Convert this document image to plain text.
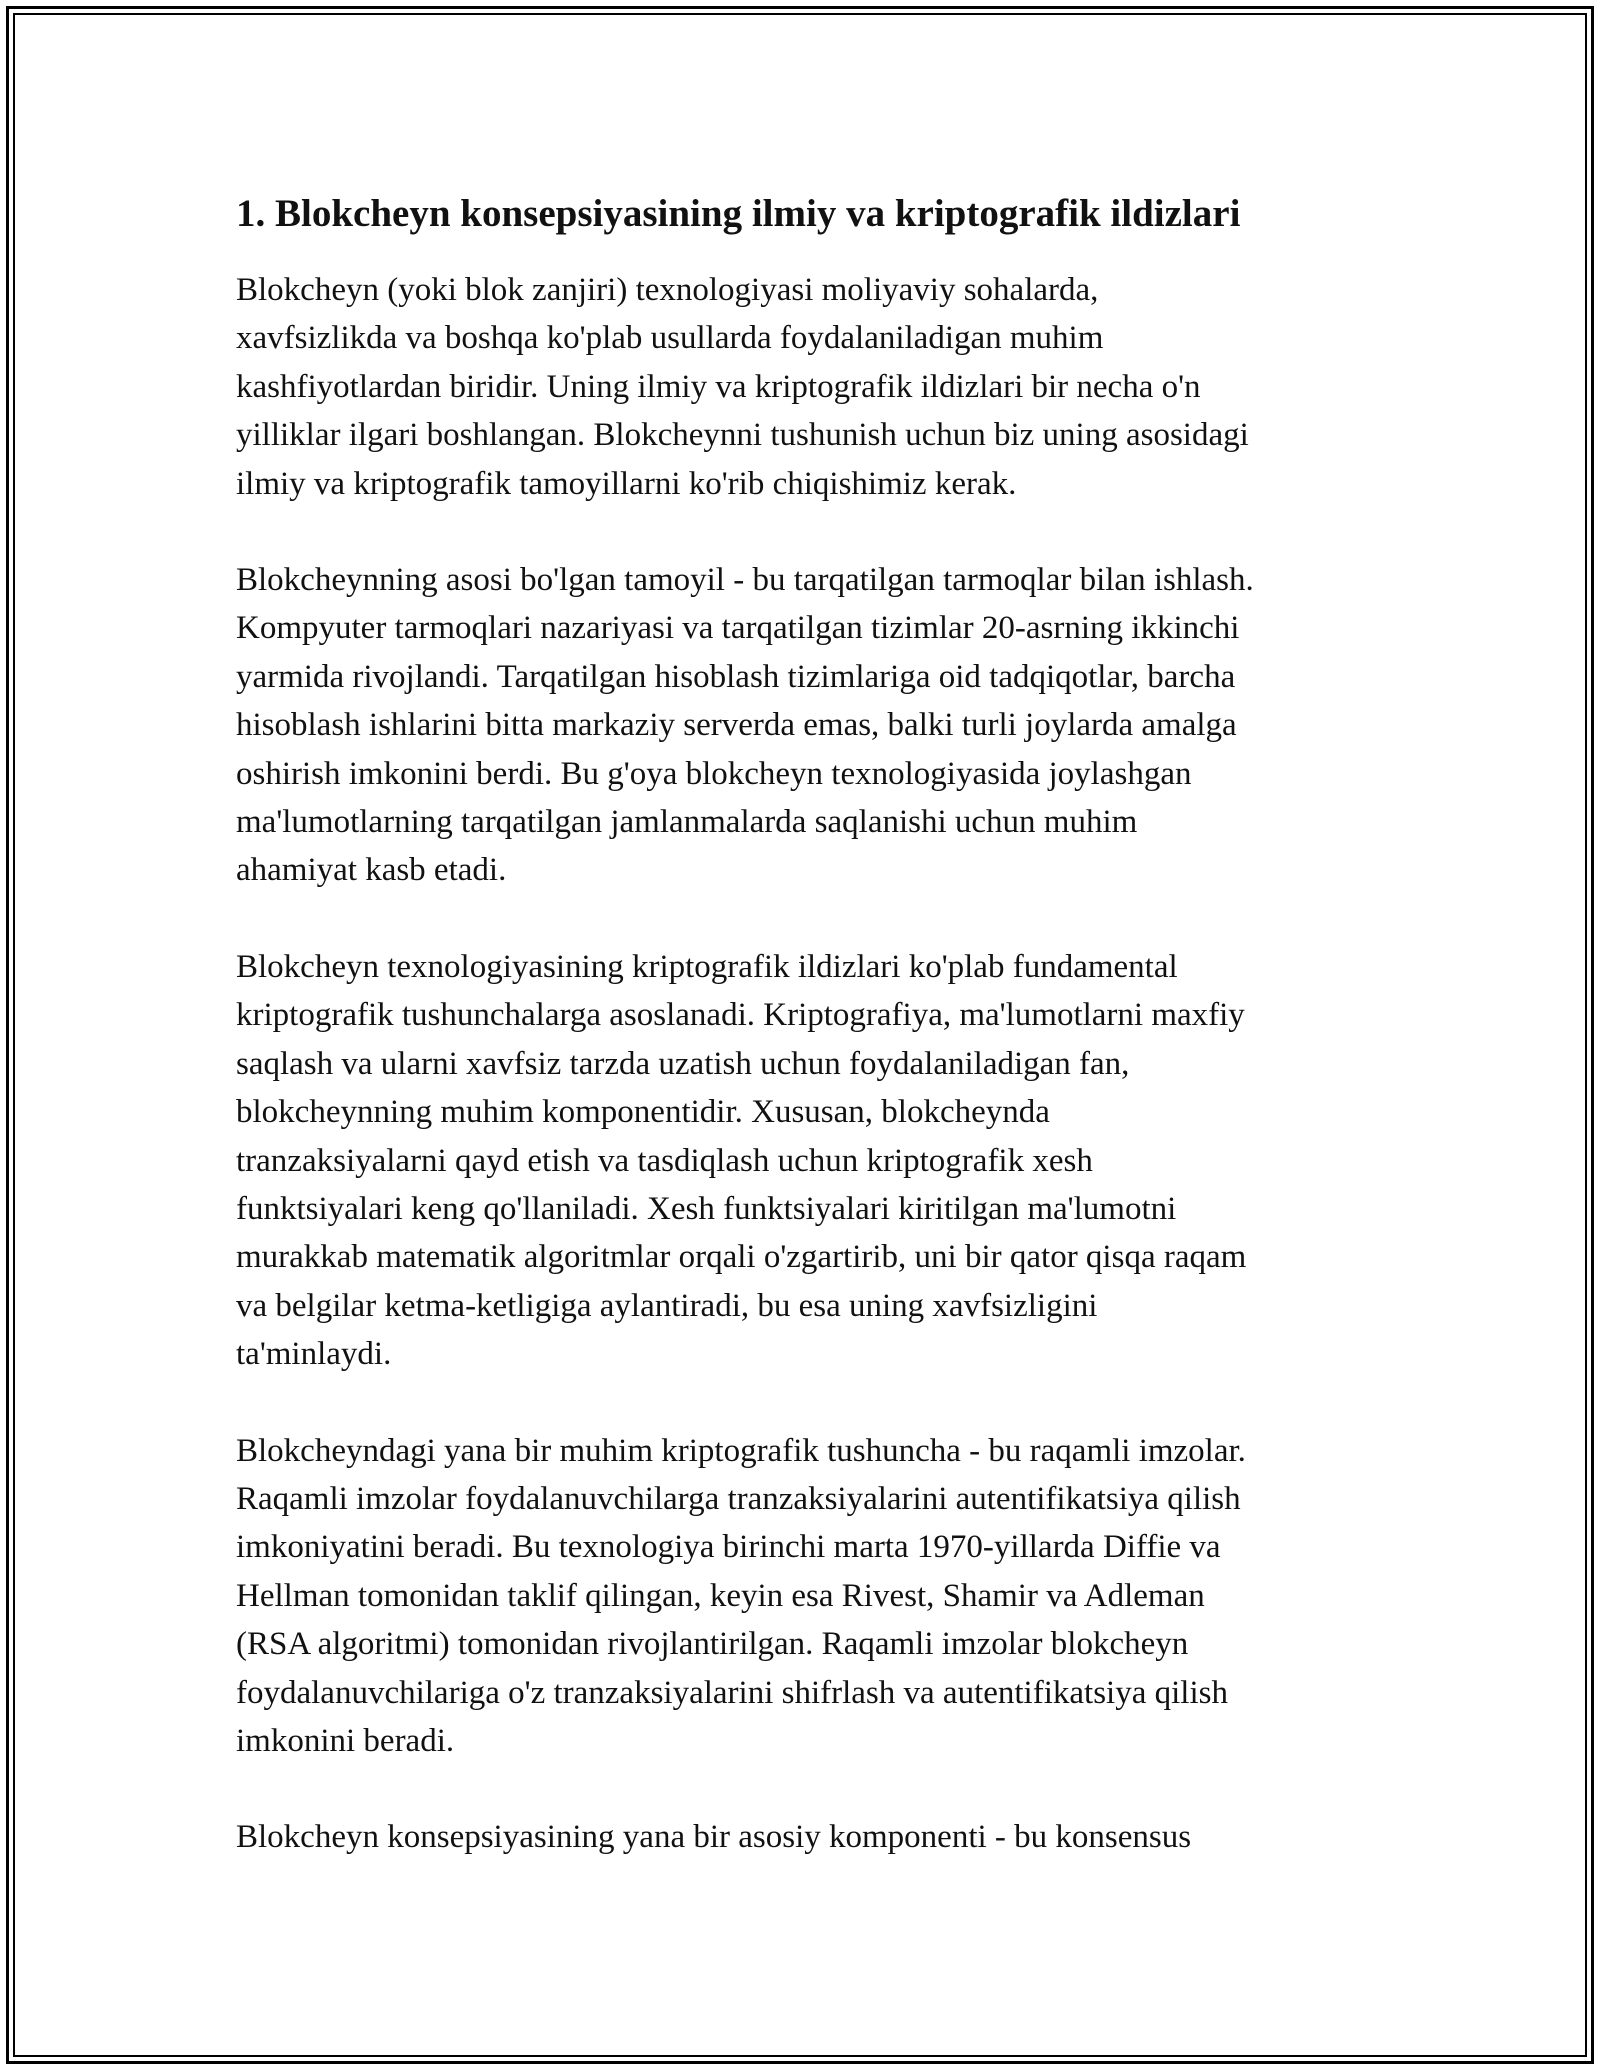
1. Blokcheyn konsepsiyasining ilmiy va kriptografik ildizlari

Blokcheyn (yoki blok zanjiri) texnologiyasi moliyaviy sohalarda,
xavfsizlikda va boshqa ko'plab usullarda foydalaniladigan muhim
kashfiyotlardan biridir. Uning ilmiy va kriptografik ildizlari bir necha o'n
yilliklar ilgari boshlangan. Blokcheynni tushunish uchun biz uning asosidagi
ilmiy va kriptografik tamoyillarni ko'rib chiqishimiz kerak.

Blokcheynning asosi bo'lgan tamoyil - bu tarqatilgan tarmoqlar bilan ishlash.
Kompyuter tarmoqlari nazariyasi va tarqatilgan tizimlar 20-asrning ikkinchi
yarmida rivojlandi. Tarqatilgan hisoblash tizimlariga oid tadqiqotlar, barcha
hisoblash ishlarini bitta markaziy serverda emas, balki turli joylarda amalga
oshirish imkonini berdi. Bu g'oya blokcheyn texnologiyasida joylashgan
ma'lumotlarning tarqatilgan jamlanmalarda saqlanishi uchun muhim
ahamiyat kasb etadi.

Blokcheyn texnologiyasining kriptografik ildizlari ko'plab fundamental
kriptografik tushunchalarga asoslanadi. Kriptografiya, ma'lumotlarni maxfiy
saqlash va ularni xavfsiz tarzda uzatish uchun foydalaniladigan fan,
blokcheynning muhim komponentidir. Xususan, blokcheynda
tranzaksiyalarni qayd etish va tasdiqlash uchun kriptografik xesh
funktsiyalari keng qo'llaniladi. Xesh funktsiyalari kiritilgan ma'lumotni
murakkab matematik algoritmlar orqali o'zgartirib, uni bir qator qisqa raqam
va belgilar ketma-ketligiga aylantiradi, bu esa uning xavfsizligini
ta'minlaydi.

Blokcheyndagi yana bir muhim kriptografik tushuncha - bu raqamli imzolar.
Raqamli imzolar foydalanuvchilarga tranzaksiyalarini autentifikatsiya qilish
imkoniyatini beradi. Bu texnologiya birinchi marta 1970-yillarda Diffie va
Hellman tomonidan taklif qilingan, keyin esa Rivest, Shamir va Adleman
(RSA algoritmi) tomonidan rivojlantirilgan. Raqamli imzolar blokcheyn
foydalanuvchilariga o'z tranzaksiyalarini shifrlash va autentifikatsiya qilish
imkonini beradi.

Blokcheyn konsepsiyasining yana bir asosiy komponenti - bu konsensus
